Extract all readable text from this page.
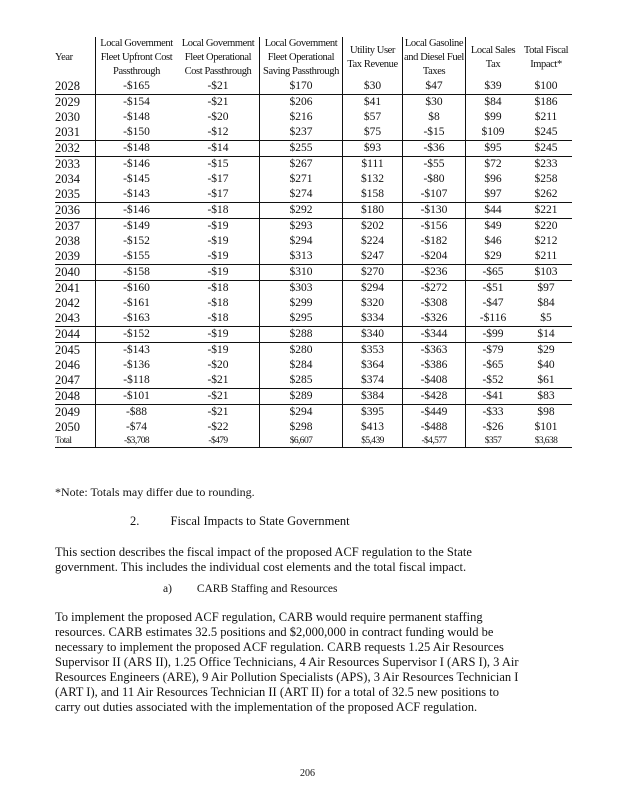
Year	Local Government Fleet Upfront Cost Passthrough	Local Government Fleet Operational Cost Passthrough	Local Government Fleet Operational Saving Passthrough	Utility User Tax Revenue	Local Gasoline and Diesel Fuel Taxes	Local Sales Tax	Total Fiscal Impact*
2028	-$165	-$21	$170	$30	$47	$39	$100
2029	-$154	-$21	$206	$41	$30	$84	$186
2030	-$148	-$20	$216	$57	$8	$99	$211
2031	-$150	-$12	$237	$75	-$15	$109	$245
2032	-$148	-$14	$255	$93	-$36	$95	$245
2033	-$146	-$15	$267	$111	-$55	$72	$233
2034	-$145	-$17	$271	$132	-$80	$96	$258
2035	-$143	-$17	$274	$158	-$107	$97	$262
2036	-$146	-$18	$292	$180	-$130	$44	$221
2037	-$149	-$19	$293	$202	-$156	$49	$220
2038	-$152	-$19	$294	$224	-$182	$46	$212
2039	-$155	-$19	$313	$247	-$204	$29	$211
2040	-$158	-$19	$310	$270	-$236	-$65	$103
2041	-$160	-$18	$303	$294	-$272	-$51	$97
2042	-$161	-$18	$299	$320	-$308	-$47	$84
2043	-$163	-$18	$295	$334	-$326	-$116	$5
2044	-$152	-$19	$288	$340	-$344	-$99	$14
2045	-$143	-$19	$280	$353	-$363	-$79	$29
2046	-$136	-$20	$284	$364	-$386	-$65	$40
2047	-$118	-$21	$285	$374	-$408	-$52	$61
2048	-$101	-$21	$289	$384	-$428	-$41	$83
2049	-$88	-$21	$294	$395	-$449	-$33	$98
2050	-$74	-$22	$298	$413	-$488	-$26	$101
Total	-$3,708	-$479	$6,607	$5,439	-$4,577	$357	$3,638
*Note: Totals may differ due to rounding.
2. Fiscal Impacts to State Government
This section describes the fiscal impact of the proposed ACF regulation to the State government. This includes the individual cost elements and the total fiscal impact.
a) CARB Staffing and Resources
To implement the proposed ACF regulation, CARB would require permanent staffing resources. CARB estimates 32.5 positions and $2,000,000 in contract funding would be necessary to implement the proposed ACF regulation. CARB requests 1.25 Air Resources Supervisor II (ARS II), 1.25 Office Technicians, 4 Air Resources Supervisor I (ARS I), 3 Air Resources Engineers (ARE), 9 Air Pollution Specialists (APS), 3 Air Resources Technician I (ART I), and 11 Air Resources Technician II (ART II) for a total of 32.5 new positions to carry out duties associated with the implementation of the proposed ACF regulation.
206
